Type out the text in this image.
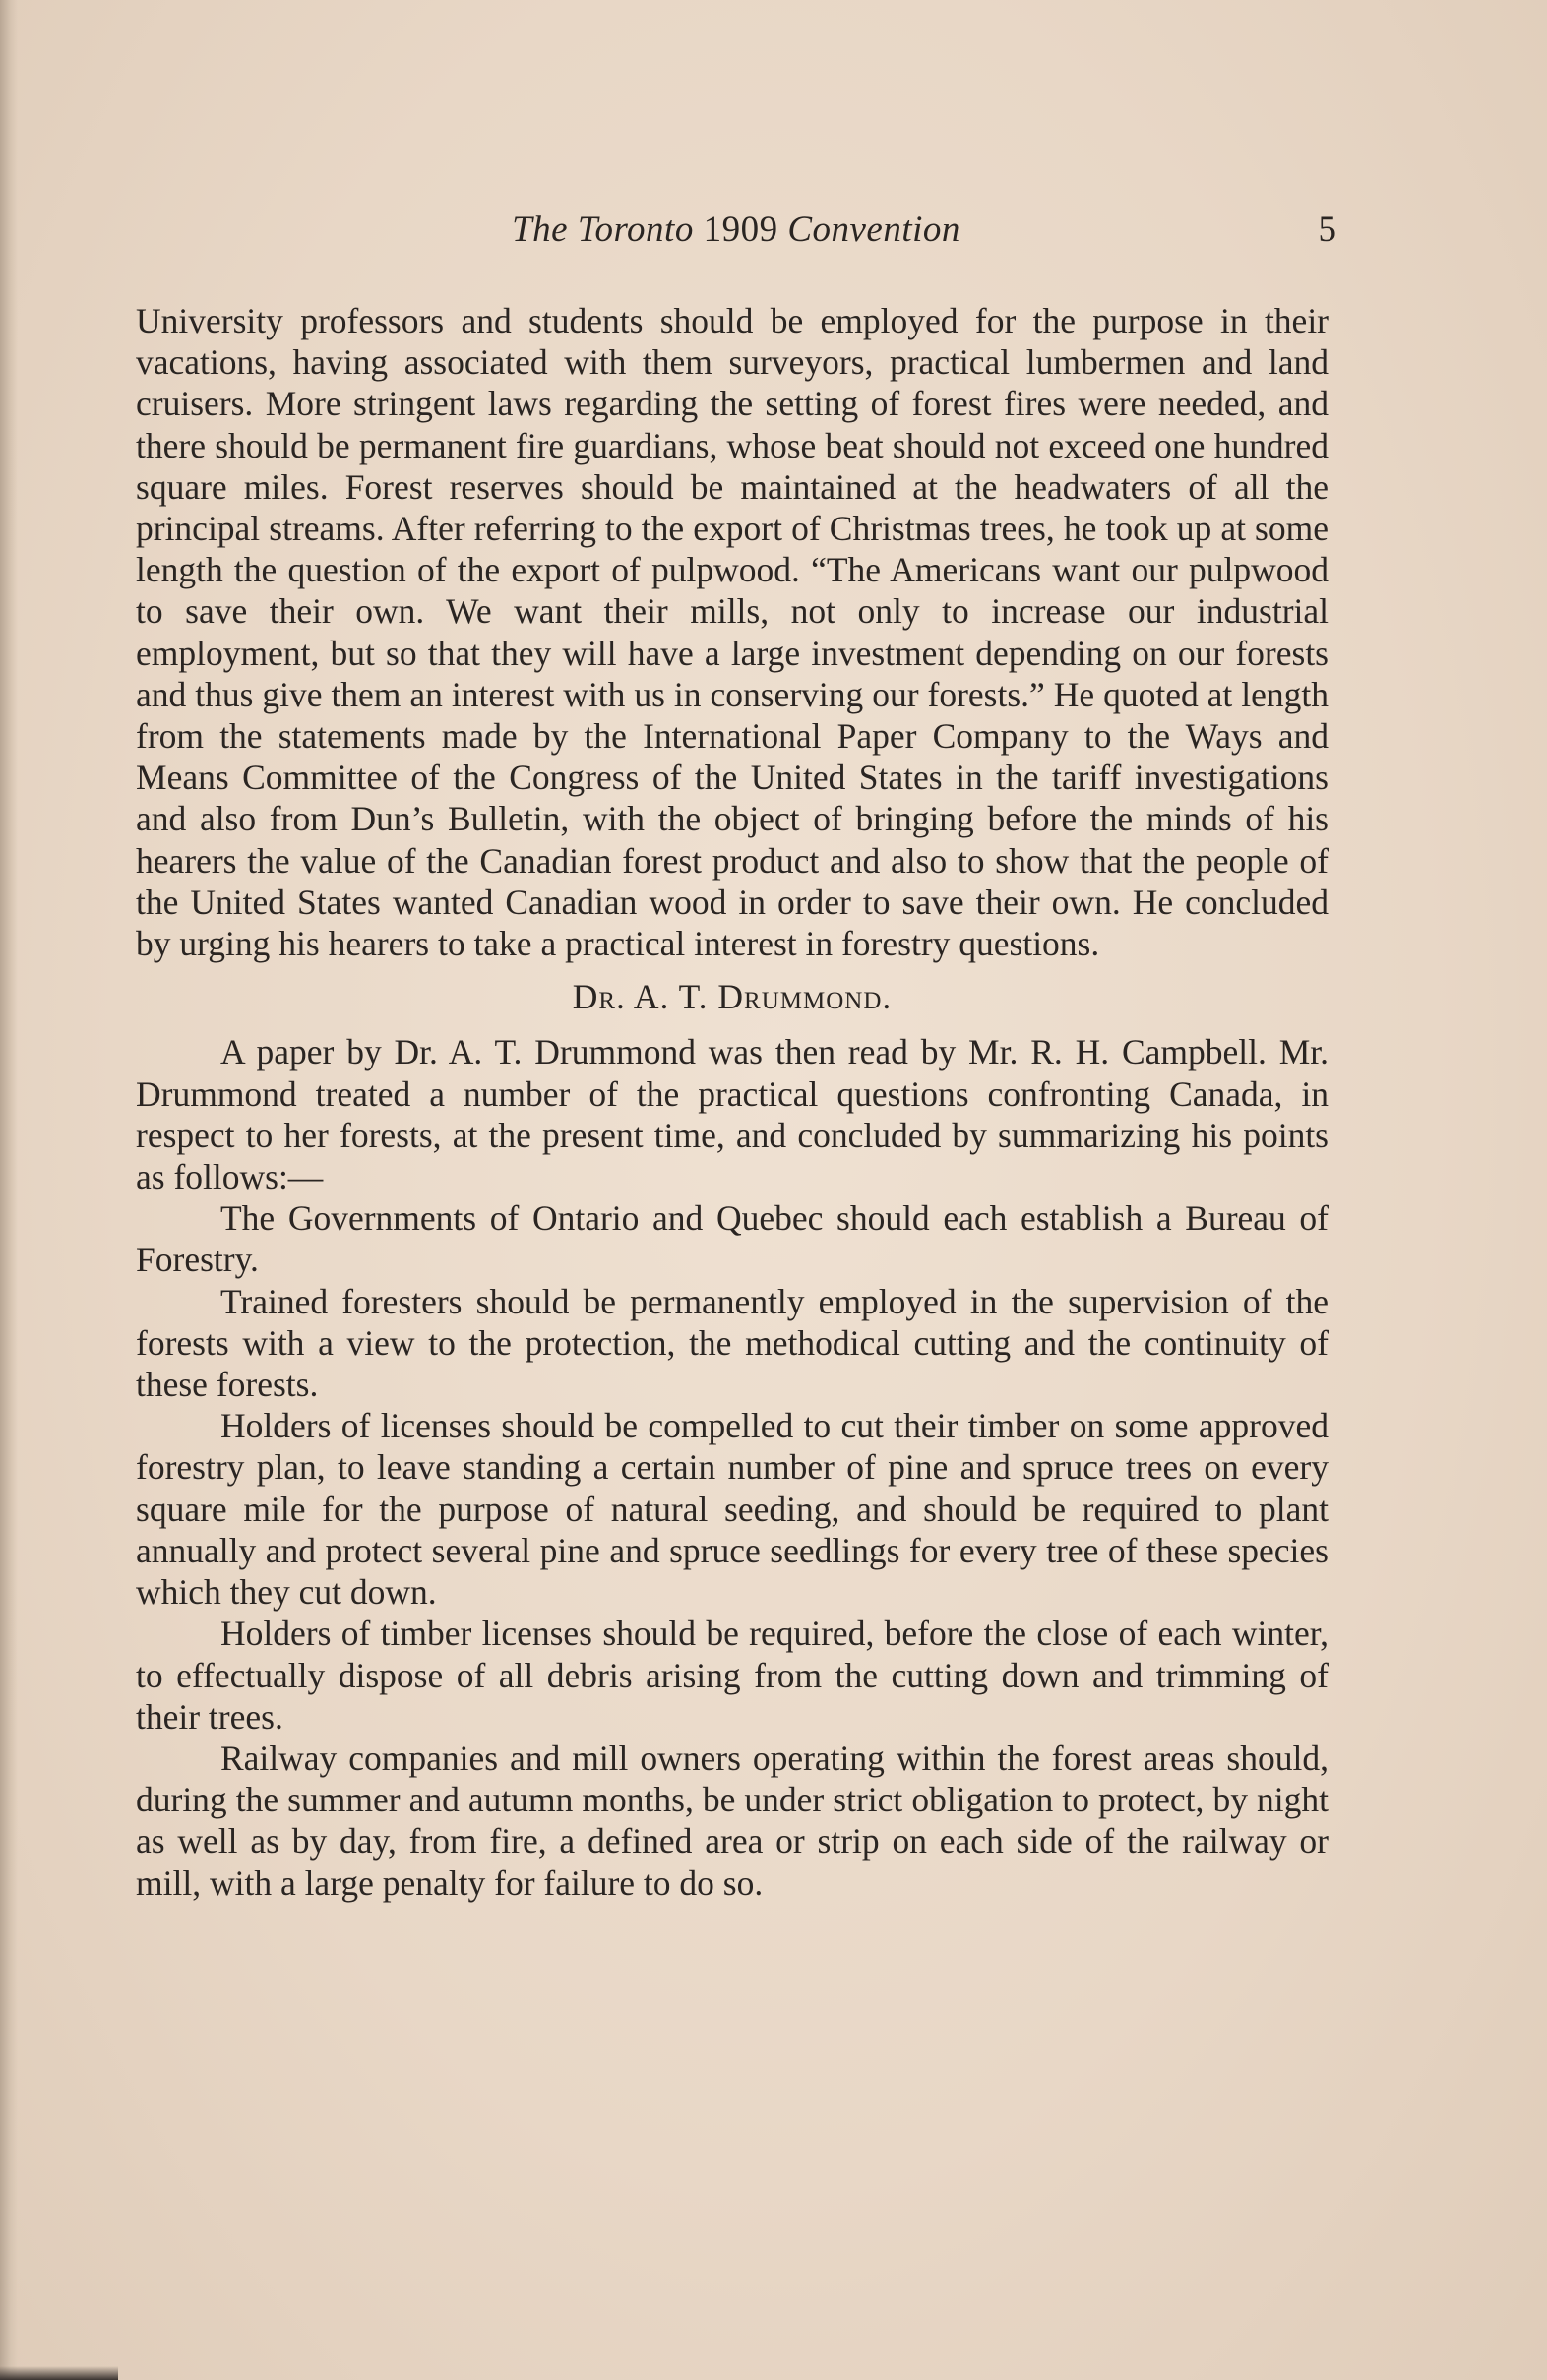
The Toronto 1909 Convention	5

University professors and students should be employed for the purpose in their vacations, having associated with them surveyors, practical lumbermen and land cruisers. More stringent laws regarding the setting of forest fires were needed, and there should be permanent fire guardians, whose beat should not exceed one hundred square miles. Forest reserves should be maintained at the headwaters of all the principal streams. After referring to the export of Christmas trees, he took up at some length the question of the export of pulpwood. “The Americans want our pulpwood to save their own. We want their mills, not only to increase our industrial employment, but so that they will have a large investment depending on our forests and thus give them an interest with us in conserving our forests.” He quoted at length from the statements made by the International Paper Company to the Ways and Means Committee of the Congress of the United States in the tariff investigations and also from Dun’s Bulletin, with the object of bringing before the minds of his hearers the value of the Canadian forest product and also to show that the people of the United States wanted Canadian wood in order to save their own. He concluded by urging his hearers to take a practical interest in forestry questions.

Dr. A. T. Drummond.

A paper by Dr. A. T. Drummond was then read by Mr. R. H. Campbell. Mr. Drummond treated a number of the practical questions confronting Canada, in respect to her forests, at the present time, and concluded by summarizing his points as follows:—

The Governments of Ontario and Quebec should each establish a Bureau of Forestry.

Trained foresters should be permanently employed in the supervision of the forests with a view to the protection, the methodical cutting and the continuity of these forests.

Holders of licenses should be compelled to cut their timber on some approved forestry plan, to leave standing a certain number of pine and spruce trees on every square mile for the purpose of natural seeding, and should be required to plant annually and protect several pine and spruce seedlings for every tree of these species which they cut down.

Holders of timber licenses should be required, before the close of each winter, to effectually dispose of all debris arising from the cutting down and trimming of their trees.

Railway companies and mill owners operating within the forest areas should, during the summer and autumn months, be under strict obligation to protect, by night as well as by day, from fire, a defined area or strip on each side of the railway or mill, with a large penalty for failure to do so.
